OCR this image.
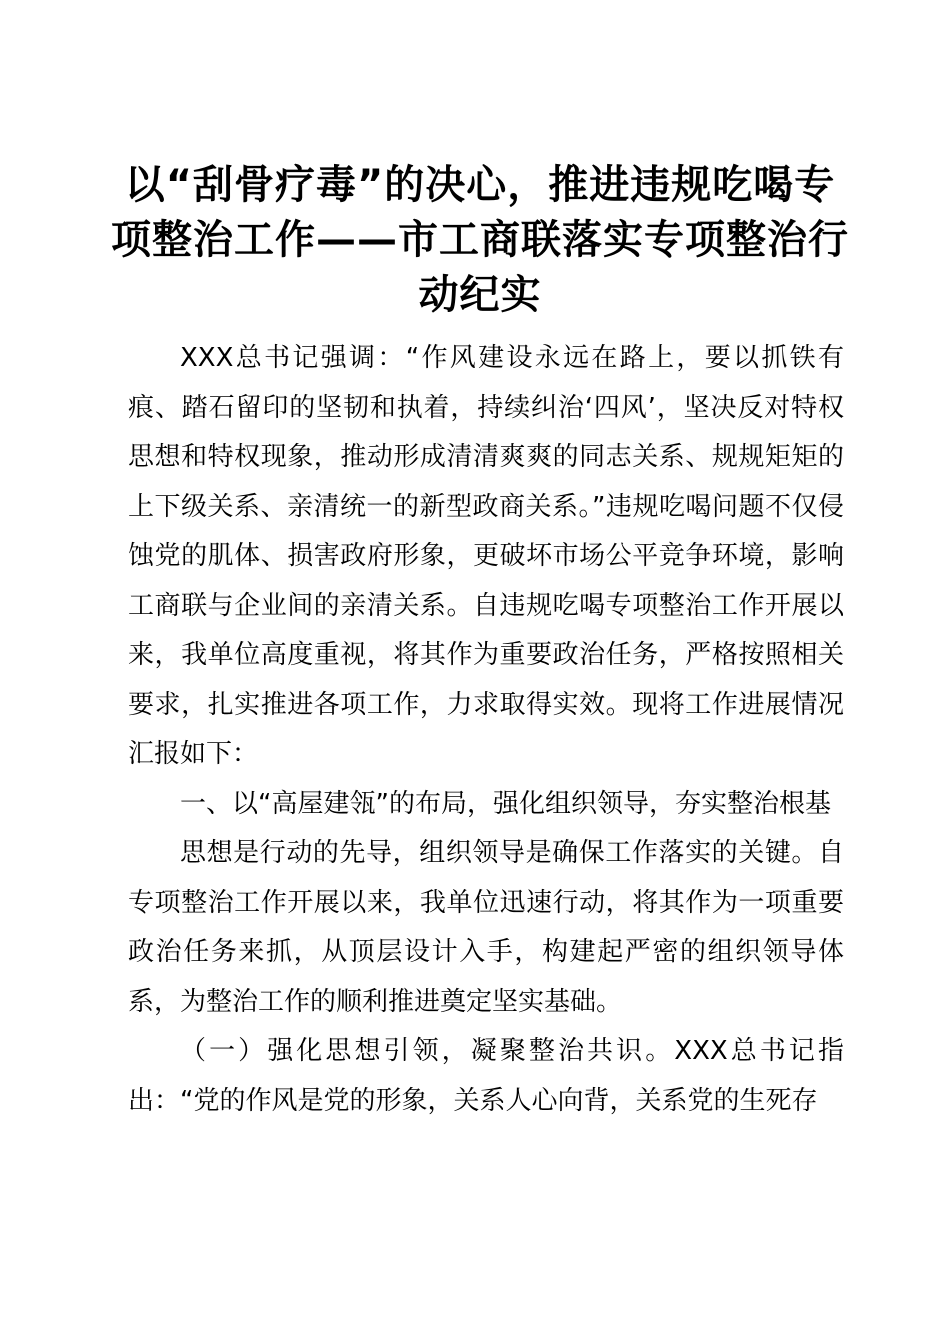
以“刮骨疗毒”的决心，推进违规吃喝专项整治工作——市工商联落实专项整治行动纪实

XXX总书记强调：“作风建设永远在路上，要以抓铁有痕、踏石留印的坚韧和执着，持续纠治‘四风’，坚决反对特权思想和特权现象，推动形成清清爽爽的同志关系、规规矩矩的上下级关系、亲清统一的新型政商关系。”违规吃喝问题不仅侵蚀党的肌体、损害政府形象，更破坏市场公平竞争环境，影响工商联与企业间的亲清关系。自违规吃喝专项整治工作开展以来，我单位高度重视，将其作为重要政治任务，严格按照相关要求，扎实推进各项工作，力求取得实效。现将工作进展情况汇报如下：

一、以“高屋建瓴”的布局，强化组织领导，夯实整治根基

思想是行动的先导，组织领导是确保工作落实的关键。自专项整治工作开展以来，我单位迅速行动，将其作为一项重要政治任务来抓，从顶层设计入手，构建起严密的组织领导体系，为整治工作的顺利推进奠定坚实基础。

（一）强化思想引领，凝聚整治共识。XXX总书记指出：“党的作风是党的形象，关系人心向背，关系党的生死存
